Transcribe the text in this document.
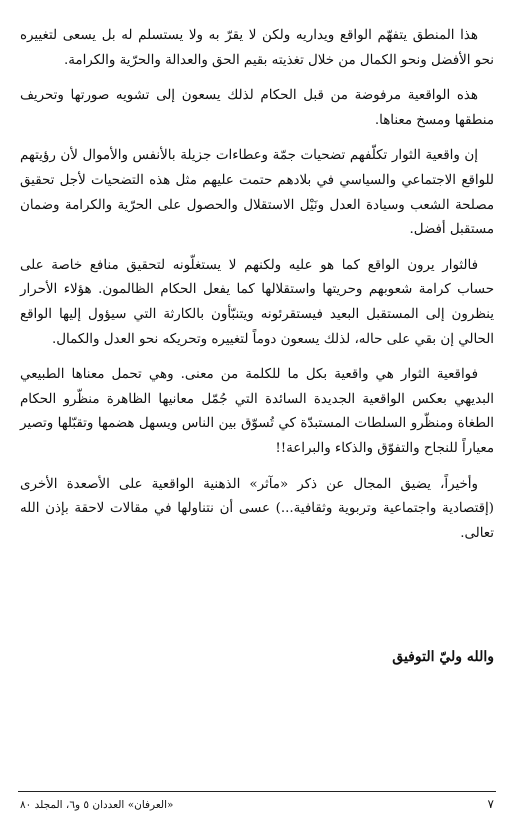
هذا المنطق يتفهّم الواقع ويداريه ولكن لا يقرّ به ولا يستسلم له بل يسعى لتغييره نحو الأفضل ونحو الكمال من خلال تغذيته بقيم الحق والعدالة والحرّية والكرامة.

هذه الواقعية مرفوضة من قبل الحكام لذلك يسعون إلى تشويه صورتها وتحريف منطقها ومسخ معناها.

إن واقعية الثوار تكلّفهم تضحيات جمّة وعطاءات جزيلة بالأنفس والأموال لأن رؤيتهم للواقع الاجتماعي والسياسي في بلادهم حتمت عليهم مثل هذه التضحيات لأجل تحقيق مصلحة الشعب وسيادة العدل ونَيْل الاستقلال والحصول على الحرّية والكرامة وضمان مستقبل أفضل.

فالثوار يرون الواقع كما هو عليه ولكنهم لا يستغلّونه لتحقيق منافع خاصة على حساب كرامة شعوبهم وحريتها واستقلالها كما يفعل الحكام الظالمون. هؤلاء الأحرار ينظرون إلى المستقبل البعيد فيستقرئونه ويتنبّأون بالكارثة التي سيؤول إليها الواقع الحالي إن بقي على حاله، لذلك يسعون دوماً لتغييره وتحريكه نحو العدل والكمال.

فواقعية الثوار هي واقعية بكل ما للكلمة من معنى. وهي تحمل معناها الطبيعي البديهي بعكس الواقعية الجديدة السائدة التي جُمّل معانيها الظاهرة منظّرو الحكام الطغاة ومنظّرو السلطات المستبدّة كي تُسوّق بين الناس ويسهل هضمها وتقبّلها وتصير معياراً للنجاح والتفوّق والذكاء والبراعة!!

وأخيراً، يضيق المجال عن ذكر «مآثر» الذهنية الواقعية على الأصعدة الأخرى (إقتصادية واجتماعية وتربوية وثقافية...) عسى أن نتناولها في مقالات لاحقة بإذن الله تعالى.

والله وليّ التوفيق
«العرفان» العددان ٥ و٦، المجلد ٨٠	٧
